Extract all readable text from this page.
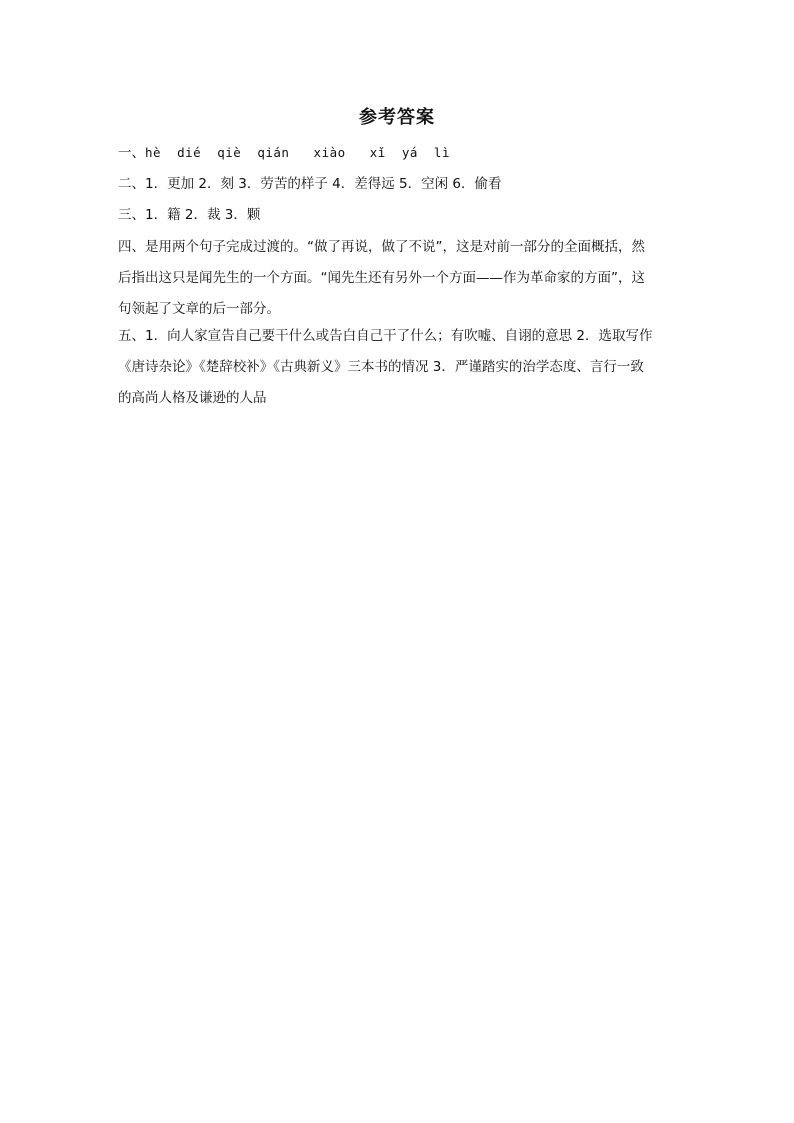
参考答案

一、hè  dié  qiè  qián   xiào   xǐ  yá  lì

二、1．更加 2．刻 3．劳苦的样子 4．差得远 5．空闲 6．偷看

三、1．籍 2．裁 3．颗

四、是用两个句子完成过渡的。“做了再说，做了不说”，这是对前一部分的全面概括，然
后指出这只是闻先生的一个方面。“闻先生还有另外一个方面——作为革命家的方面”，这
句领起了文章的后一部分。

五、1．向人家宣告自己要干什么或告白自己干了什么；有吹嘘、自诩的意思 2．选取写作
《唐诗杂论》《楚辞校补》《古典新义》三本书的情况 3．严谨踏实的治学态度、言行一致
的高尚人格及谦逊的人品
